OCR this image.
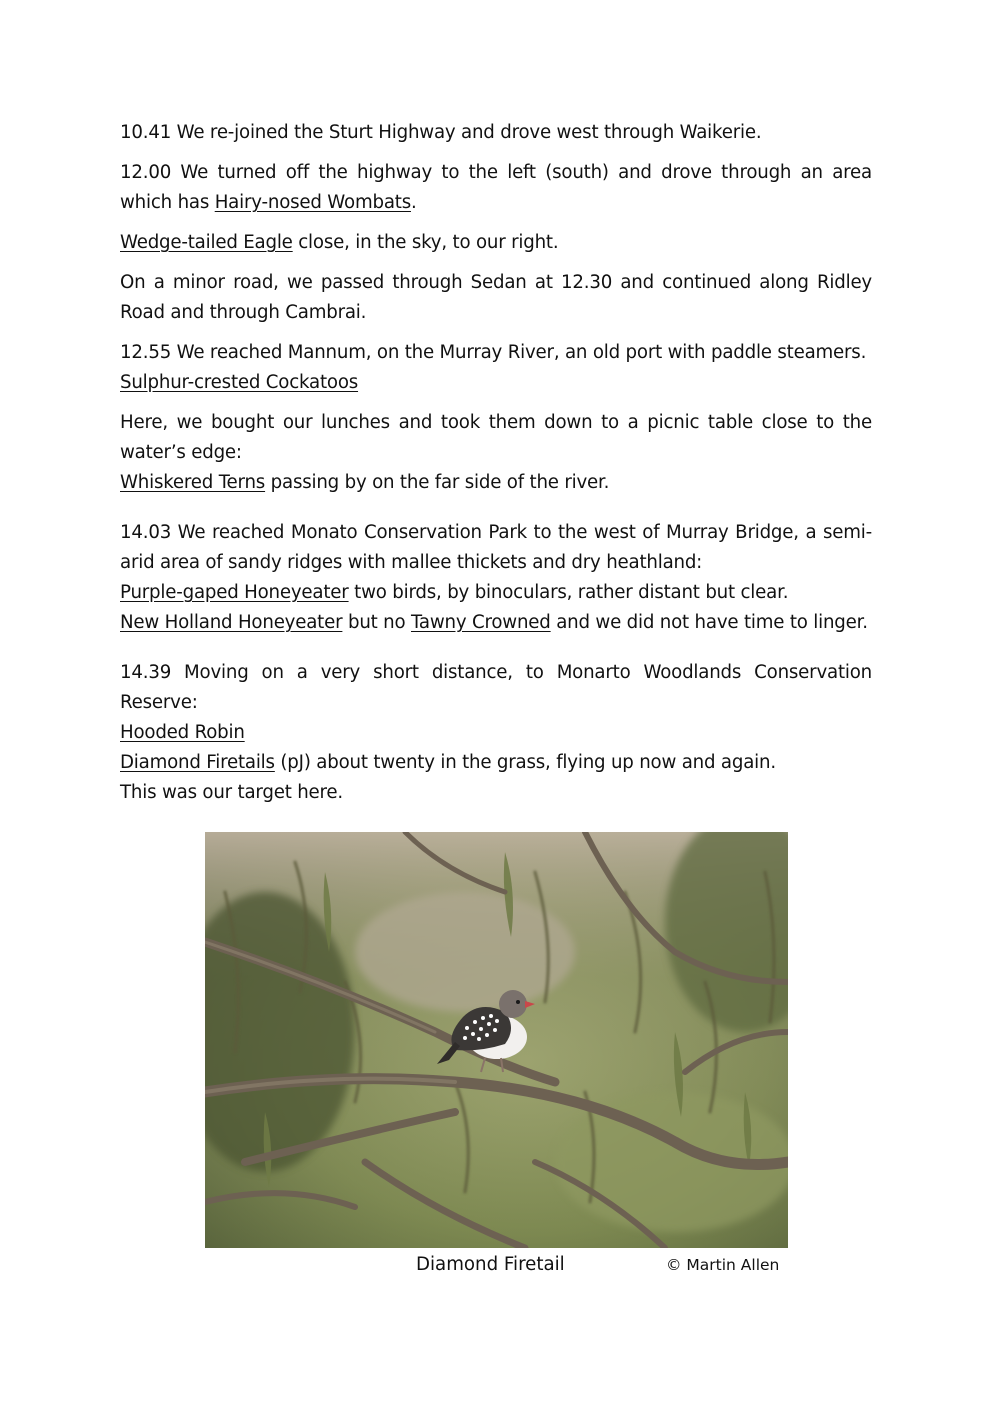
10.41 We re-joined the Sturt Highway and drove west through Waikerie.

12.00 We turned off the highway to the left (south) and drove through an area which has Hairy-nosed Wombats.

Wedge-tailed Eagle close, in the sky, to our right.

On a minor road, we passed through Sedan at 12.30 and continued along Ridley Road and through Cambrai.

12.55 We reached Mannum, on the Murray River, an old port with paddle steamers.
Sulphur-crested Cockatoos

Here, we bought our lunches and took them down to a picnic table close to the water’s edge:
Whiskered Terns passing by on the far side of the river.

14.03 We reached Monato Conservation Park to the west of Murray Bridge, a semi-arid area of sandy ridges with mallee thickets and dry heathland:
Purple-gaped Honeyeater two birds, by binoculars, rather distant but clear.
New Holland Honeyeater but no Tawny Crowned and we did not have time to linger.

14.39 Moving on a very short distance, to Monarto Woodlands Conservation Reserve:
Hooded Robin
Diamond Firetails (pJ) about twenty in the grass, flying up now and again.
This was our target here.

Diamond Firetail	© Martin Allen
